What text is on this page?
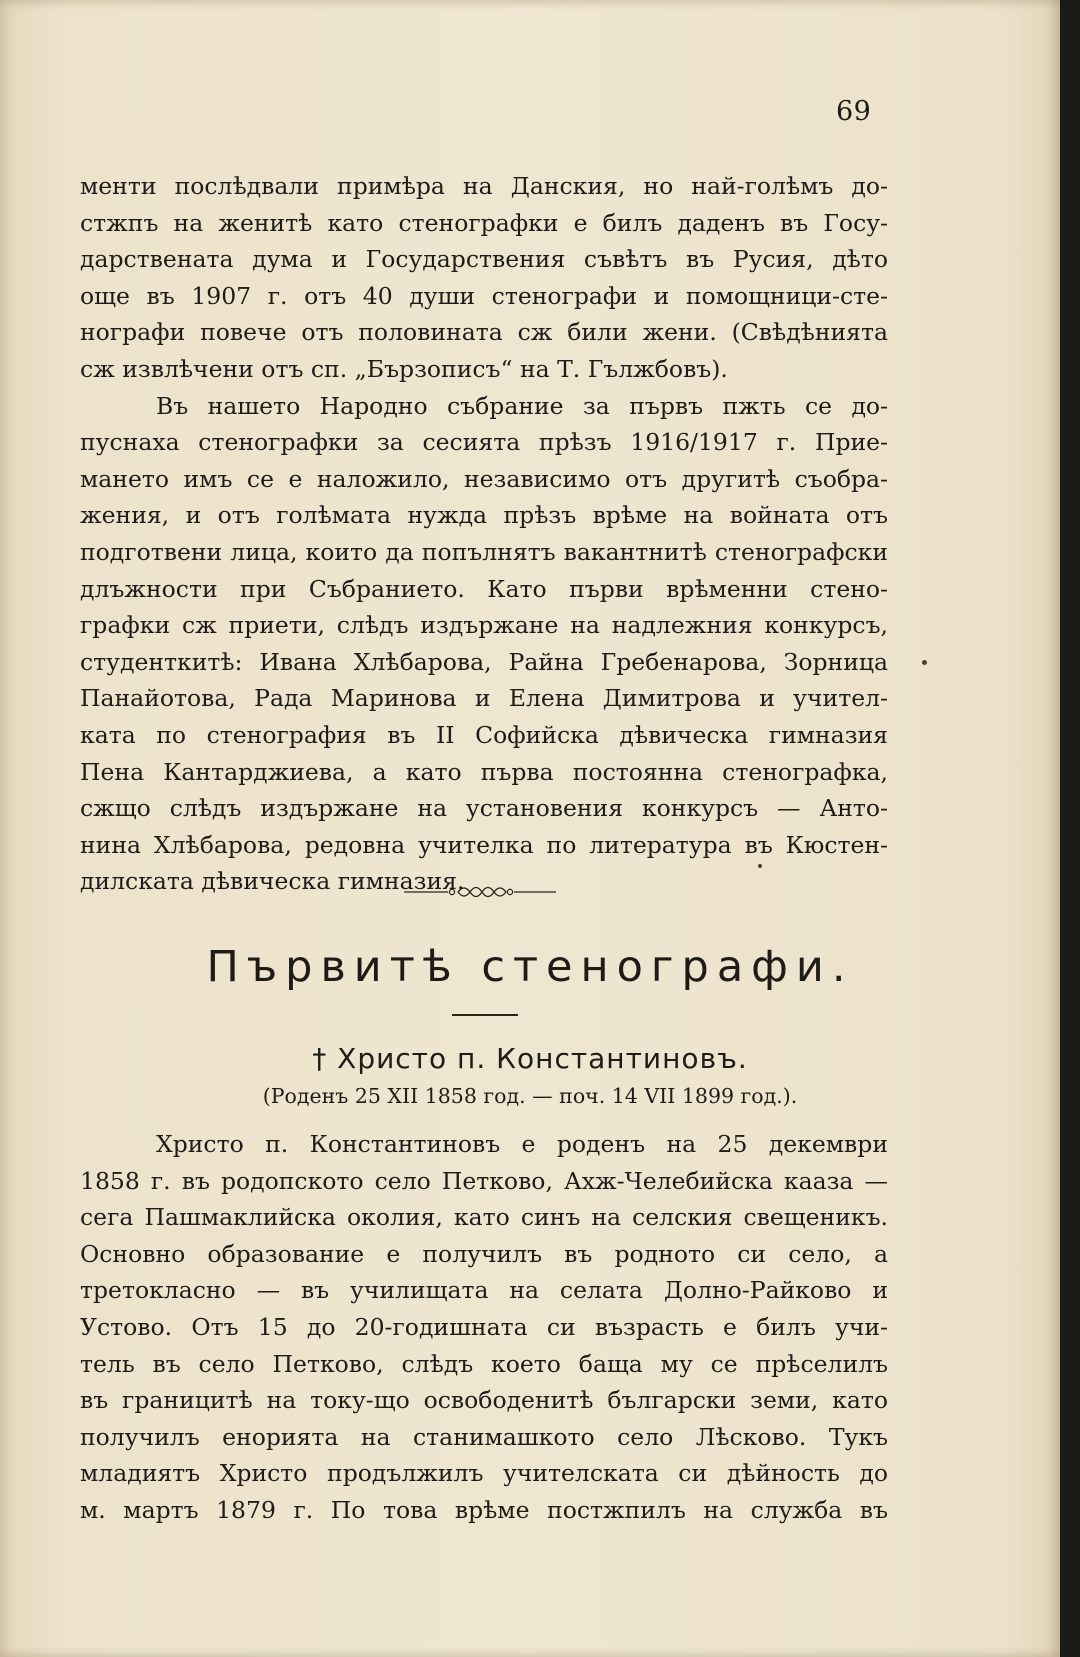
69
менти послѣдвали примѣра на Данския, но най-голѣмъ до-
стжпъ на женитѣ като стенографки е билъ даденъ въ Госу-
дарствената дума и Государствения съвѣтъ въ Русия, дѣто
още въ 1907 г. отъ 40 души стенографи и помощници-сте-
нографи повече отъ половината сж били жени. (Свѣдѣнията
сж извлѣчени отъ сп. „Бързописъ“ на Т. Гължбовъ).
Въ нашето Народно събрание за първъ пжть се до-
пуснаха стенографки за сесията прѣзъ 1916/1917 г. Прие-
мането имъ се е наложило, независимо отъ другитѣ съобра-
жения, и отъ голѣмата нужда прѣзъ врѣме на войната отъ
подготвени лица, които да попълнятъ вакантнитѣ стенографски
длъжности при Събранието. Като първи врѣменни стено-
графки сж приети, слѣдъ издържане на надлежния конкурсъ,
студенткитѣ: Ивана Хлѣбарова, Райна Гребенарова, Зорница
Панайотова, Рада Маринова и Елена Димитрова и учител-
ката по стенография въ II Софийска дѣвическа гимназия
Пена Кантарджиева, а като първа постоянна стенографка,
сжщо слѣдъ издържане на установения конкурсъ — Анто-
нина Хлѣбарова, редовна учителка по литература въ Кюстен-
дилската дѣвическа гимназия.
Първитѣ стенографи.
† Христо п. Константиновъ.
(Роденъ 25 XII 1858 год. — поч. 14 VII 1899 год.).
Христо п. Константиновъ е роденъ на 25 декември
1858 г. въ родопското село Петково, Ахж-Челебийска кааза —
сега Пашмаклийска околия, като синъ на селския свещеникъ.
Основно образование е получилъ въ родното си село, а
третокласно — въ училищата на селата Долно-Райково и
Устово. Отъ 15 до 20-годишната си възрасть е билъ учи-
тель въ село Петково, слѣдъ което баща му се прѣселилъ
въ границитѣ на току-що освободенитѣ български земи, като
получилъ енорията на станимашкото село Лѣсково. Тукъ
младиятъ Христо продължилъ учителската си дѣйность до
м. мартъ 1879 г. По това врѣме постжпилъ на служба въ
